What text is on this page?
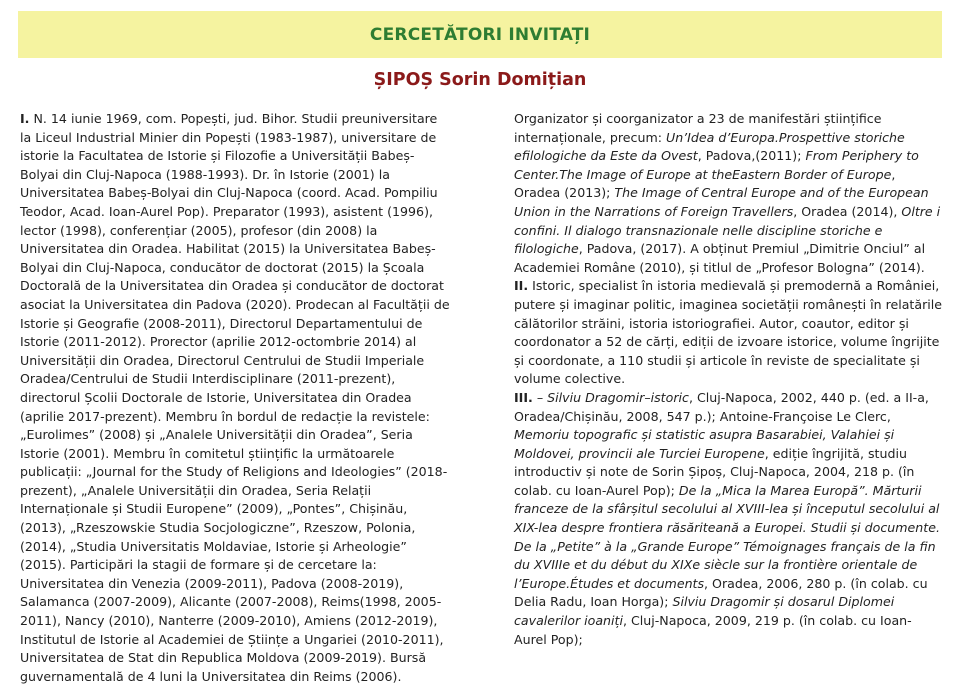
CERCETĂTORI INVITAȚI
ȘIPOȘ Sorin Domițian

I. N. 14 iunie 1969, com. Popești, jud. Bihor. Studii preuniversitare la Liceul Industrial Minier din Popești (1983-1987), universitare de istorie la Facultatea de Istorie și Filozofie a Universității Babeș-Bolyai din Cluj-Napoca (1988-1993). Dr. în Istorie (2001) la Universitatea Babeș-Bolyai din Cluj-Napoca (coord. Acad. Pompiliu Teodor, Acad. Ioan-Aurel Pop). Preparator (1993), asistent (1996), lector (1998), conferențiar (2005), profesor (din 2008) la Universitatea din Oradea. Habilitat (2015) la Universitatea Babeș-Bolyai din Cluj-Napoca, conducător de doctorat (2015) la Școala Doctorală de la Universitatea din Oradea și conducător de doctorat asociat la Universitatea din Padova (2020). Prodecan al Facultății de Istorie și Geografie (2008-2011), Directorul Departamentului de Istorie (2011-2012). Prorector (aprilie 2012-octombrie 2014) al Universității din Oradea, Directorul Centrului de Studii Imperiale Oradea/Centrului de Studii Interdisciplinare (2011-prezent), directorul Școlii Doctorale de Istorie, Universitatea din Oradea (aprilie 2017-prezent). Membru în bordul de redacție la revistele: „Eurolimes” (2008) și „Analele Universității din Oradea”, Seria Istorie (2001). Membru în comitetul științific la următoarele publicații: „Journal for the Study of Religions and Ideologies” (2018-prezent), „Analele Universității din Oradea, Seria Relații Internaționale și Studii Europene” (2009), „Pontes”, Chișinău, (2013), „Rzeszowskie Studia Socjologiczne”, Rzeszow, Polonia, (2014), „Studia Universitatis Moldaviae, Istorie și Arheologie” (2015). Participări la stagii de formare și de cercetare la: Universitatea din Venezia (2009-2011), Padova (2008-2019), Salamanca (2007-2009), Alicante (2007-2008), Reims(1998, 2005-2011), Nancy (2010), Nanterre (2009-2010), Amiens (2012-2019), Institutul de Istorie al Academiei de Științe a Ungariei (2010-2011), Universitatea de Stat din Republica Moldova (2009-2019). Bursă guvernamentală de 4 luni la Universitatea din Reims (2006).

Organizator și coorganizator a 23 de manifestări științifice internaționale, precum: Un’Idea d’Europa.Prospettive storiche efilologiche da Este da Ovest, Padova,(2011); From Periphery to Center.The Image of Europe at theEastern Border of Europe, Oradea (2013); The Image of Central Europe and of the European Union in the Narrations of Foreign Travellers, Oradea (2014), Oltre i confini. Il dialogo transnazionale nelle discipline storiche e filologiche, Padova, (2017). A obținut Premiul „Dimitrie Onciul” al Academiei Române (2010), și titlul de „Profesor Bologna” (2014).

II. Istoric, specialist în istoria medievală și premodernă a României, putere și imaginar politic, imaginea societății românești în relatările călătorilor străini, istoria istoriografiei. Autor, coautor, editor și coordonator a 52 de cărți, ediții de izvoare istorice, volume îngrijite și coordonate, a 110 studii și articole în reviste de specialitate și volume colective.

III. – Silviu Dragomir–istoric, Cluj-Napoca, 2002, 440 p. (ed. a II-a, Oradea/Chișinău, 2008, 547 p.); Antoine-Françoise Le Clerc, Memoriu topografic și statistic asupra Basarabiei, Valahiei și Moldovei, provincii ale Turciei Europene, ediție îngrijită, studiu introductiv și note de Sorin Șipoș, Cluj-Napoca, 2004, 218 p. (în colab. cu Ioan-Aurel Pop); De la „Mica la Marea Europă”. Mărturii franceze de la sfârșitul secolului al XVIII-lea și începutul secolului al XIX-lea despre frontiera răsăriteană a Europei. Studii și documente. De la „Petite” à la „Grande Europe” Témoignages français de la fin du XVIIIe et du début du XIXe siècle sur la frontière orientale de l’Europe.Études et documents, Oradea, 2006, 280 p. (în colab. cu Delia Radu, Ioan Horga); Silviu Dragomir și dosarul Diplomei cavalerilor ioaniți, Cluj-Napoca, 2009, 219 p. (în colab. cu Ioan-Aurel Pop);
